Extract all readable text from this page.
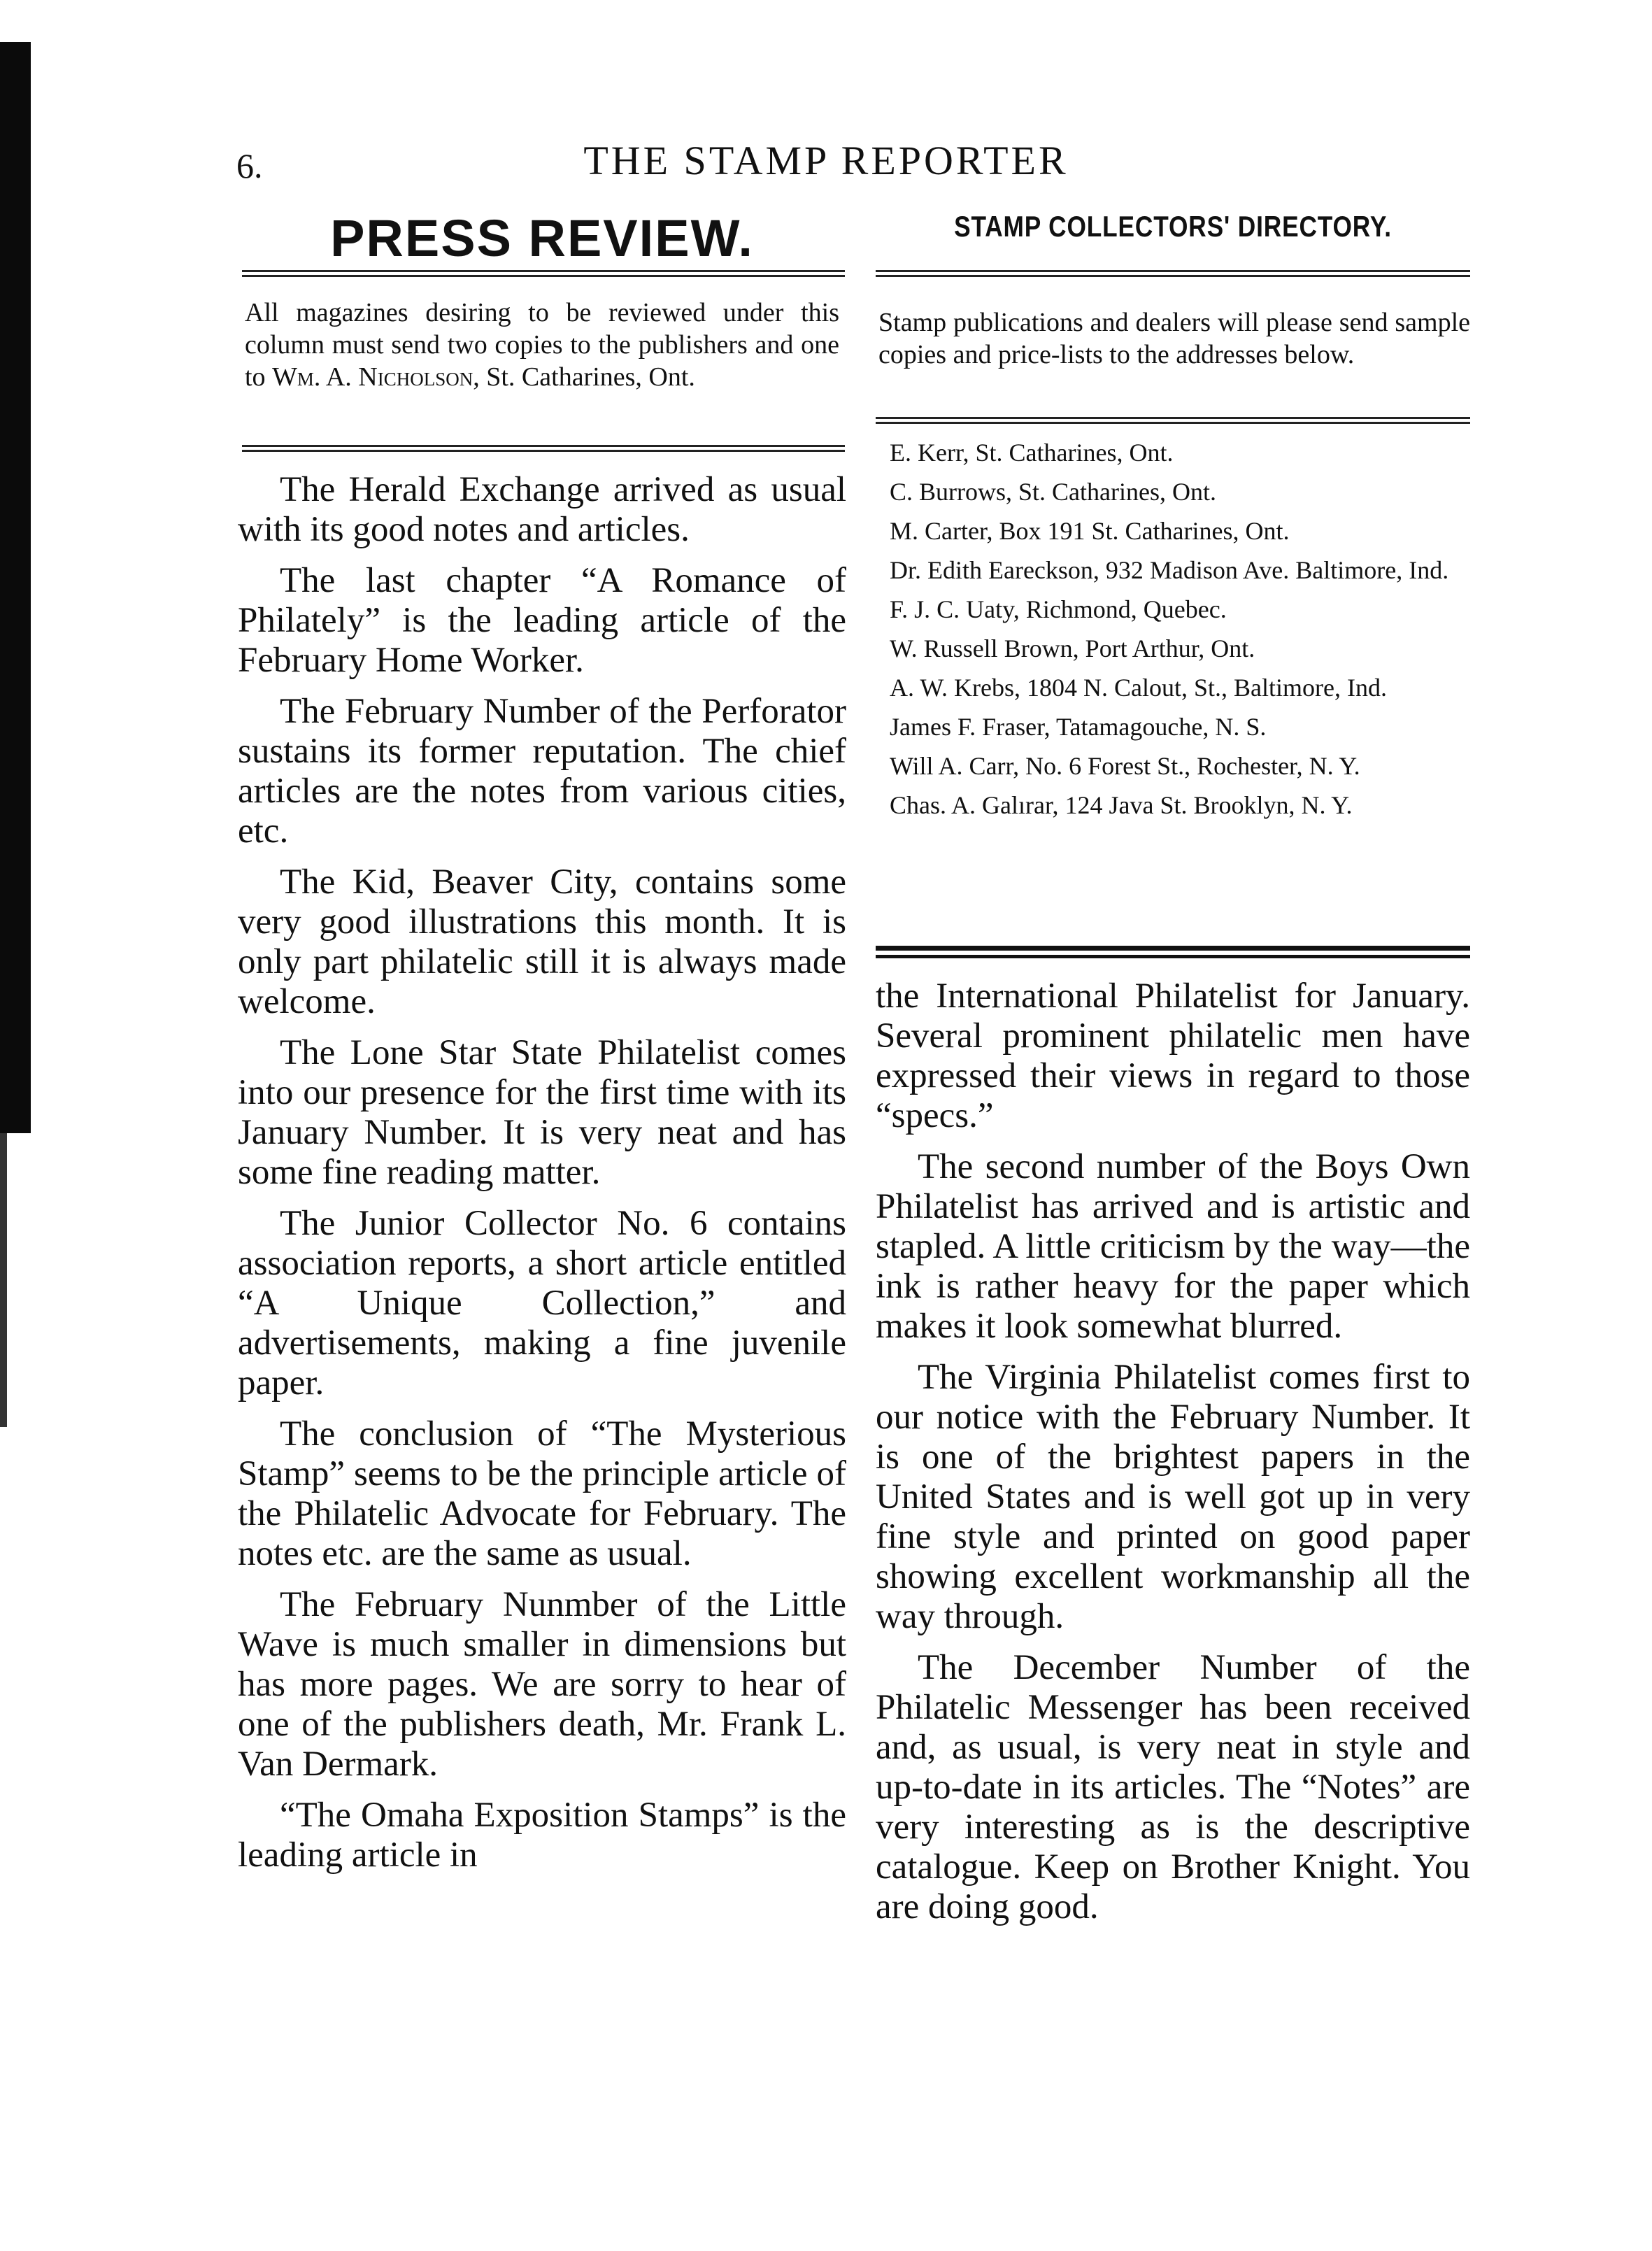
6.	THE STAMP REPORTER
PRESS REVIEW.
All magazines desiring to be reviewed under this column must send two copies to the publishers and one to Wm. A. Nicholson, St. Catharines, Ont.

The Herald Exchange arrived as usual with its good notes and articles.

The last chapter “A Romance of Philately” is the leading article of the February Home Worker.

The February Number of the Perforator sustains its former reputation. The chief articles are the notes from various cities, etc.

The Kid, Beaver City, contains some very good illustrations this month. It is only part philatelic still it is always made welcome.

The Lone Star State Philatelist comes into our presence for the first time with its January Number. It is very neat and has some fine reading matter.

The Junior Collector No. 6 contains association reports, a short article entitled “A Unique Collection,” and advertisements, making a fine juvenile paper.

The conclusion of “The Mysterious Stamp” seems to be the principle article of the Philatelic Advocate for February. The notes etc. are the same as usual.

The February Nunmber of the Little Wave is much smaller in dimensions but has more pages. We are sorry to hear of one of the publishers death, Mr. Frank L. Van Dermark.

“The Omaha Exposition Stamps” is the leading article in

STAMP COLLECTORS' DIRECTORY.
Stamp publications and dealers will please send sample copies and price-lists to the addresses below.
E. Kerr, St. Catharines, Ont.
C. Burrows, St. Catharines, Ont.
M. Carter, Box 191 St. Catharines, Ont.
Dr. Edith Eareckson, 932 Madison Ave. Baltimore, Ind.
F. J. C. Uaty, Richmond, Quebec.
W. Russell Brown, Port Arthur, Ont.
A. W. Krebs, 1804 N. Calout, St., Baltimore, Ind.
James F. Fraser, Tatamagouche, N. S.
Will A. Carr, No. 6 Forest St., Rochester, N. Y.
Chas. A. Galırar, 124 Java St. Brooklyn, N. Y.

the International Philatelist for January. Several prominent philatelic men have expressed their views in regard to those “specs.”

The second number of the Boys Own Philatelist has arrived and is artistic and stapled. A little criticism by the way—the ink is rather heavy for the paper which makes it look somewhat blurred.

The Virginia Philatelist comes first to our notice with the February Number. It is one of the brightest papers in the United States and is well got up in very fine style and printed on good paper showing excellent workmanship all the way through.

The December Number of the Philatelic Messenger has been received and, as usual, is very neat in style and up-to-date in its articles. The “Notes” are very interesting as is the descriptive catalogue. Keep on Brother Knight. You are doing good.
